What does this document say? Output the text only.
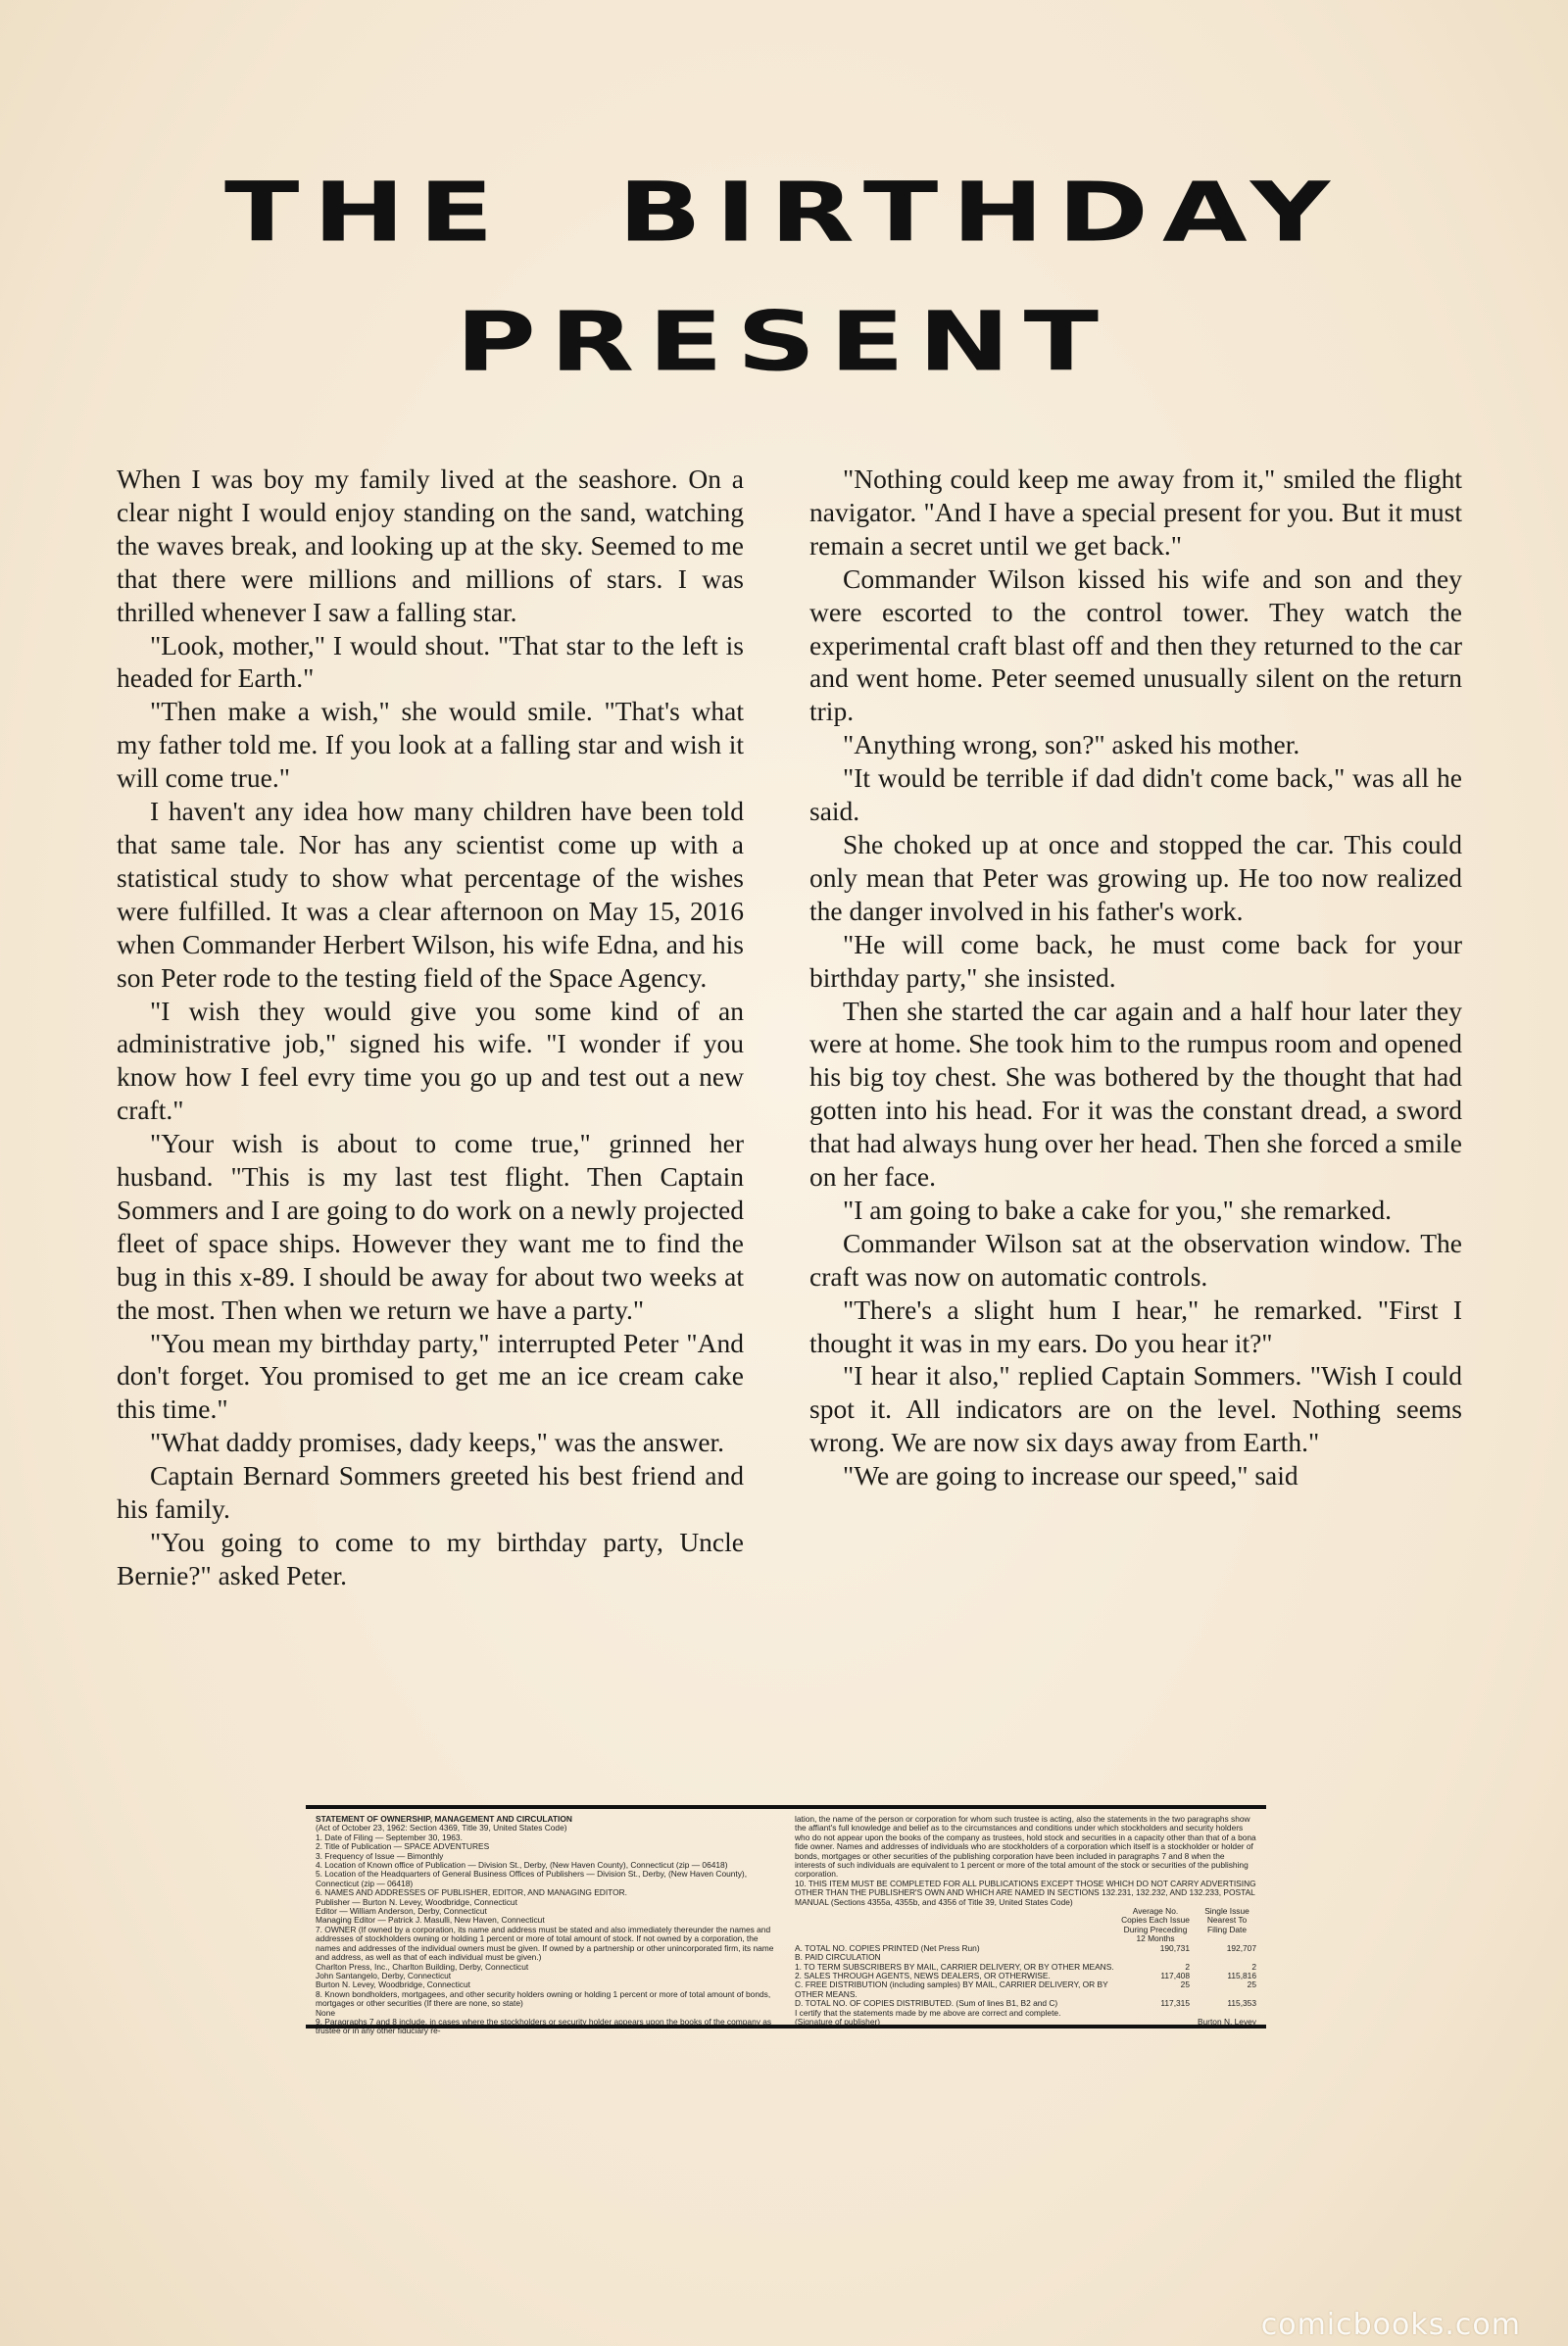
THE BIRTHDAY
PRESENT

When I was boy my family lived at the seashore. On a clear night I would enjoy standing on the sand, watching the waves break, and looking up at the sky. Seemed to me that there were millions and millions of stars. I was thrilled whenever I saw a falling star.

"Look, mother," I would shout. "That star to the left is headed for Earth."

"Then make a wish," she would smile. "That's what my father told me. If you look at a falling star and wish it will come true."

I haven't any idea how many children have been told that same tale. Nor has any scientist come up with a statistical study to show what percentage of the wishes were fulfilled. It was a clear afternoon on May 15, 2016 when Commander Herbert Wilson, his wife Edna, and his son Peter rode to the testing field of the Space Agency.

"I wish they would give you some kind of an administrative job," signed his wife. "I wonder if you know how I feel evry time you go up and test out a new craft."

"Your wish is about to come true," grinned her husband. "This is my last test flight. Then Captain Sommers and I are going to do work on a newly projected fleet of space ships. However they want me to find the bug in this x-89. I should be away for about two weeks at the most. Then when we return we have a party."

"You mean my birthday party," interrupted Peter "And don't forget. You promised to get me an ice cream cake this time."

"What daddy promises, dady keeps," was the answer.

Captain Bernard Sommers greeted his best friend and his family.

"You going to come to my birthday party, Uncle Bernie?" asked Peter.

"Nothing could keep me away from it," smiled the flight navigator. "And I have a special present for you. But it must remain a secret until we get back."

Commander Wilson kissed his wife and son and they were escorted to the control tower. They watch the experimental craft blast off and then they returned to the car and went home. Peter seemed unusually silent on the return trip.

"Anything wrong, son?" asked his mother.

"It would be terrible if dad didn't come back," was all he said.

She choked up at once and stopped the car. This could only mean that Peter was growing up. He too now realized the danger involved in his father's work.

"He will come back, he must come back for your birthday party," she insisted.

Then she started the car again and a half hour later they were at home. She took him to the rumpus room and opened his big toy chest. She was bothered by the thought that had gotten into his head. For it was the constant dread, a sword that had always hung over her head. Then she forced a smile on her face.

"I am going to bake a cake for you," she remarked.

Commander Wilson sat at the observation window. The craft was now on automatic controls.

"There's a slight hum I hear," he remarked. "First I thought it was in my ears. Do you hear it?"

"I hear it also," replied Captain Sommers. "Wish I could spot it. All indicators are on the level. Nothing seems wrong. We are now six days away from Earth."

"We are going to increase our speed," said

STATEMENT OF OWNERSHIP, MANAGEMENT AND CIRCULATION
(Act of October 23, 1962: Section 4369, Title 39, United States Code)
1. Date of Filing — September 30, 1963.
2. Title of Publication — SPACE ADVENTURES
3. Frequency of Issue — Bimonthly
4. Location of Known office of Publication — Division St., Derby, (New Haven County), Connecticut (zip — 06418)
5. Location of the Headquarters of General Business Offices of Publishers — Division St., Derby, (New Haven County), Connecticut (zip — 06418)
6. NAMES AND ADDRESSES OF PUBLISHER, EDITOR, AND MANAGING EDITOR.
Publisher — Burton N. Levey, Woodbridge, Connecticut
Editor — William Anderson, Derby, Connecticut
Managing Editor — Patrick J. Masulli, New Haven, Connecticut
7. OWNER (If owned by a corporation, its name and address must be stated and also immediately thereunder the names and addresses of stockholders owning or holding 1 percent or more of total amount of stock. If not owned by a corporation, the names and addresses of the individual owners must be given. If owned by a partnership or other unincorporated firm, its name and address, as well as that of each individual must be given.)
Charlton Press, Inc., Charlton Building, Derby, Connecticut
John Santangelo, Derby, Connecticut
Burton N. Levey, Woodbridge, Connecticut
8. Known bondholders, mortgagees, and other security holders owning or holding 1 percent or more of total amount of bonds, mortgages or other securities (If there are none, so state)
None
9. Paragraphs 7 and 8 include, in cases where the stockholders or security holder appears upon the books of the company as trustee or in any other fiduciary re-
lation, the name of the person or corporation for whom such trustee is acting, also the statements in the two paragraphs show the affiant's full knowledge and belief as to the circumstances and conditions under which stockholders and security holders who do not appear upon the books of the company as trustees, hold stock and securities in a capacity other than that of a bona fide owner. Names and addresses of individuals who are stockholders of a corporation which itself is a stockholder or holder of bonds, mortgages or other securities of the publishing corporation have been included in paragraphs 7 and 8 when the interests of such individuals are equivalent to 1 percent or more of the total amount of the stock or securities of the publishing corporation.
10. THIS ITEM MUST BE COMPLETED FOR ALL PUBLICATIONS EXCEPT THOSE WHICH DO NOT CARRY ADVERTISING OTHER THAN THE PUBLISHER'S OWN AND WHICH ARE NAMED IN SECTIONS 132.231, 132.232, AND 132.233, POSTAL MANUAL (Sections 4355a, 4355b, and 4356 of Title 39, United States Code)
Average No. Copies Each Issue During Preceding 12 Months
Single Issue Nearest To Filing Date
A. TOTAL NO. COPIES PRINTED (Net Press Run)	190,731	192,707
B. PAID CIRCULATION
1. TO TERM SUBSCRIBERS BY MAIL, CARRIER DELIVERY, OR BY OTHER MEANS.	2	2
2. SALES THROUGH AGENTS, NEWS DEALERS, OR OTHERWISE.	117,408	115,816
C. FREE DISTRIBUTION (including samples) BY MAIL, CARRIER DELIVERY, OR BY OTHER MEANS.
25	25
D. TOTAL NO. OF COPIES DISTRIBUTED. (Sum of lines B1, B2 and C)	117,315	115,353
I certify that the statements made by me above are correct and complete.
(Signature of publisher)	Burton N. Levey
comicbooks.com
